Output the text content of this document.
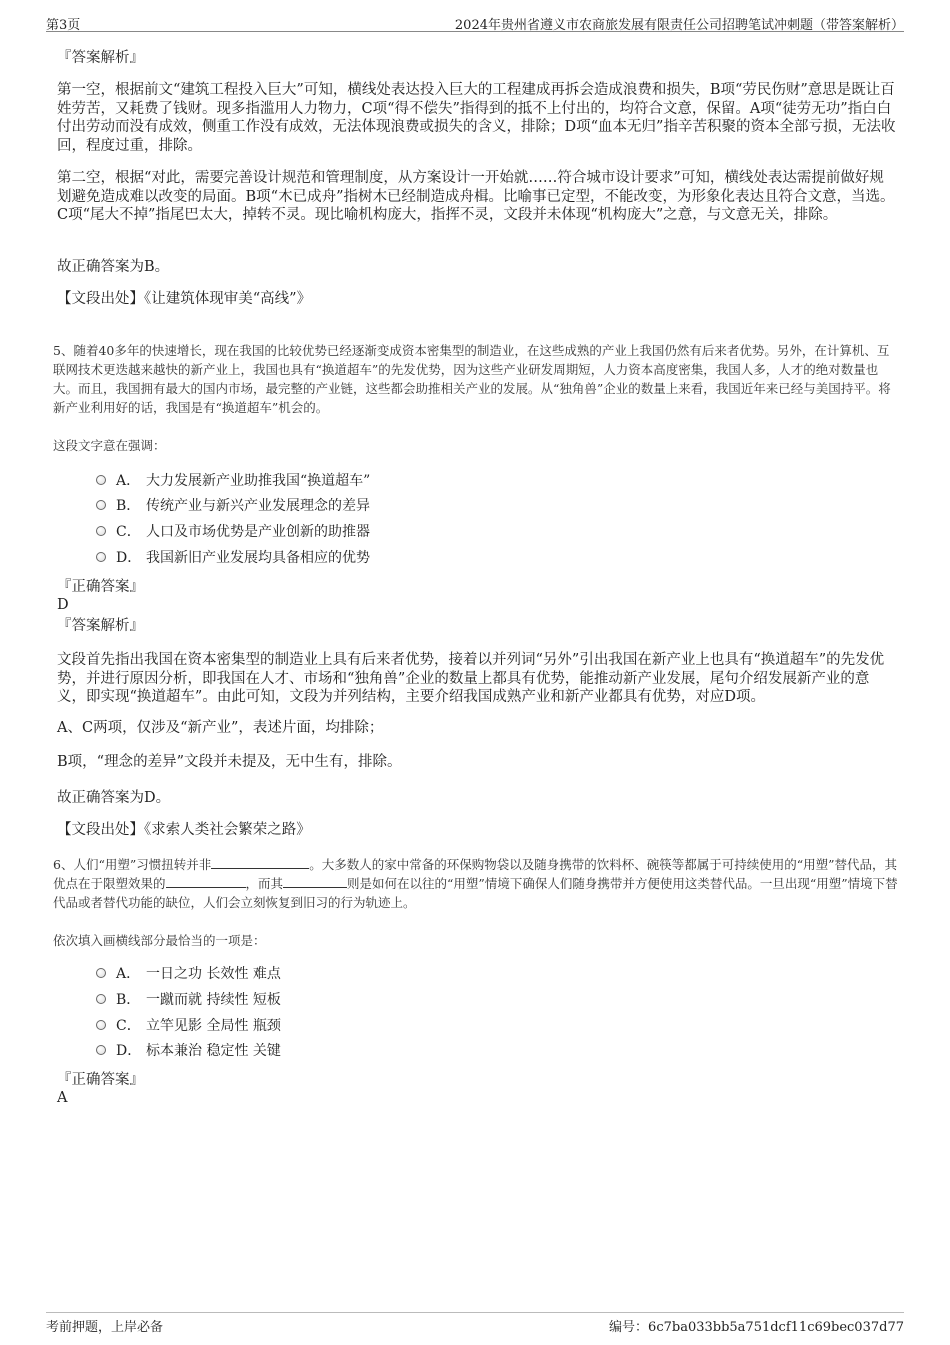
第3页	2024年贵州省遵义市农商旅发展有限责任公司招聘笔试冲刺题（带答案解析）
『答案解析』
第一空，根据前文“建筑工程投入巨大”可知，横线处表达投入巨大的工程建成再拆会造成浪费和损失，B项“劳民伤财”意思是既让百姓劳苦，又耗费了钱财。现多指滥用人力物力，C项“得不偿失”指得到的抵不上付出的，均符合文意，保留。A项“徒劳无功”指白白付出劳动而没有成效，侧重工作没有成效，无法体现浪费或损失的含义，排除；D项“血本无归”指辛苦积聚的资本全部亏损，无法收回，程度过重，排除。
第二空，根据“对此，需要完善设计规范和管理制度，从方案设计一开始就……符合城市设计要求”可知，横线处表达需提前做好规划避免造成难以改变的局面。B项“木已成舟”指树木已经制造成舟楫。比喻事已定型，不能改变，为形象化表达且符合文意，当选。C项“尾大不掉”指尾巴太大，掉转不灵。现比喻机构庞大，指挥不灵，文段并未体现“机构庞大”之意，与文意无关，排除。
故正确答案为B。
【文段出处】《让建筑体现审美“高线”》
5、随着40多年的快速增长，现在我国的比较优势已经逐渐变成资本密集型的制造业，在这些成熟的产业上我国仍然有后来者优势。另外，在计算机、互联网技术更迭越来越快的新产业上，我国也具有“换道超车”的先发优势，因为这些产业研发周期短，人力资本高度密集，我国人多，人才的绝对数量也大。而且，我国拥有最大的国内市场，最完整的产业链，这些都会助推相关产业的发展。从“独角兽”企业的数量上来看，我国近年来已经与美国持平。将新产业利用好的话，我国是有“换道超车”机会的。
这段文字意在强调：
A． 大力发展新产业助推我国“换道超车”
B． 传统产业与新兴产业发展理念的差异
C． 人口及市场优势是产业创新的助推器
D． 我国新旧产业发展均具备相应的优势
『正确答案』
D
『答案解析』
文段首先指出我国在资本密集型的制造业上具有后来者优势，接着以并列词“另外”引出我国在新产业上也具有“换道超车”的先发优势，并进行原因分析，即我国在人才、市场和“独角兽”企业的数量上都具有优势，能推动新产业发展，尾句介绍发展新产业的意义，即实现“换道超车”。由此可知，文段为并列结构，主要介绍我国成熟产业和新产业都具有优势，对应D项。
A、C两项，仅涉及“新产业”，表述片面，均排除；
B项，“理念的差异”文段并未提及，无中生有，排除。
故正确答案为D。
【文段出处】《求索人类社会繁荣之路》
6、人们“用塑”习惯扭转并非	。大多数人的家中常备的环保购物袋以及随身携带的饮料杯、碗筷等都属于可持续使用的“用塑”替代品，其优点在于限塑效果的	，而其	则是如何在以往的“用塑”情境下确保人们随身携带并方便使用这类替代品。一旦出现“用塑”情境下替代品或者替代功能的缺位，人们会立刻恢复到旧习的行为轨迹上。
依次填入画横线部分最恰当的一项是：
A． 一日之功 长效性 难点
B． 一蹴而就 持续性 短板
C． 立竿见影 全局性 瓶颈
D． 标本兼治 稳定性 关键
『正确答案』
A
考前押题，上岸必备	编号：6c7ba033bb5a751dcf11c69bec037d77
